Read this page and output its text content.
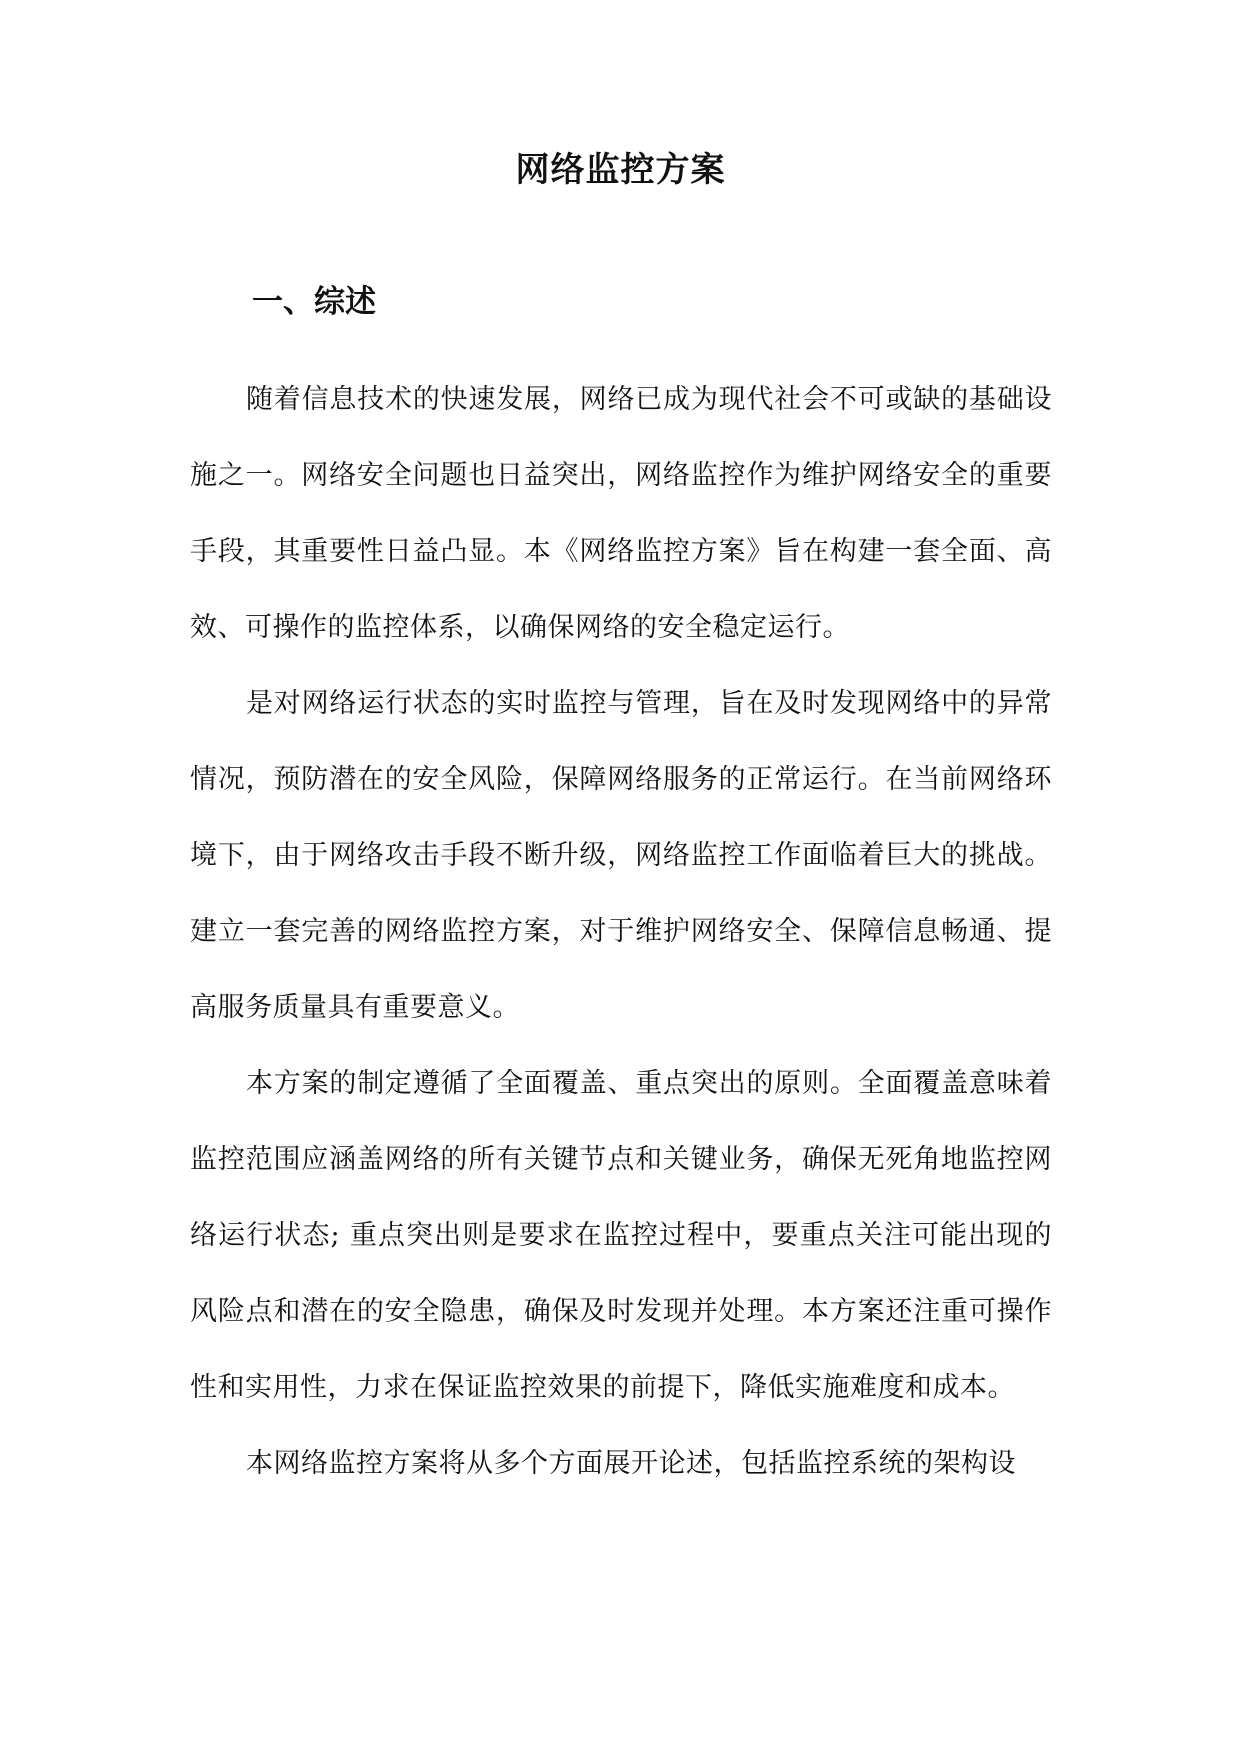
网络监控方案
一、综述

随着信息技术的快速发展，网络已成为现代社会不可或缺的基础设施之一。网络安全问题也日益突出，网络监控作为维护网络安全的重要手段，其重要性日益凸显。本《网络监控方案》旨在构建一套全面、高效、可操作的监控体系，以确保网络的安全稳定运行。

是对网络运行状态的实时监控与管理，旨在及时发现网络中的异常情况，预防潜在的安全风险，保障网络服务的正常运行。在当前网络环境下，由于网络攻击手段不断升级，网络监控工作面临着巨大的挑战。建立一套完善的网络监控方案，对于维护网络安全、保障信息畅通、提高服务质量具有重要意义。

本方案的制定遵循了全面覆盖、重点突出的原则。全面覆盖意味着监控范围应涵盖网络的所有关键节点和关键业务，确保无死角地监控网络运行状态; 重点突出则是要求在监控过程中，要重点关注可能出现的风险点和潜在的安全隐患，确保及时发现并处理。本方案还注重可操作性和实用性，力求在保证监控效果的前提下，降低实施难度和成本。

本网络监控方案将从多个方面展开论述，包括监控系统的架构设
